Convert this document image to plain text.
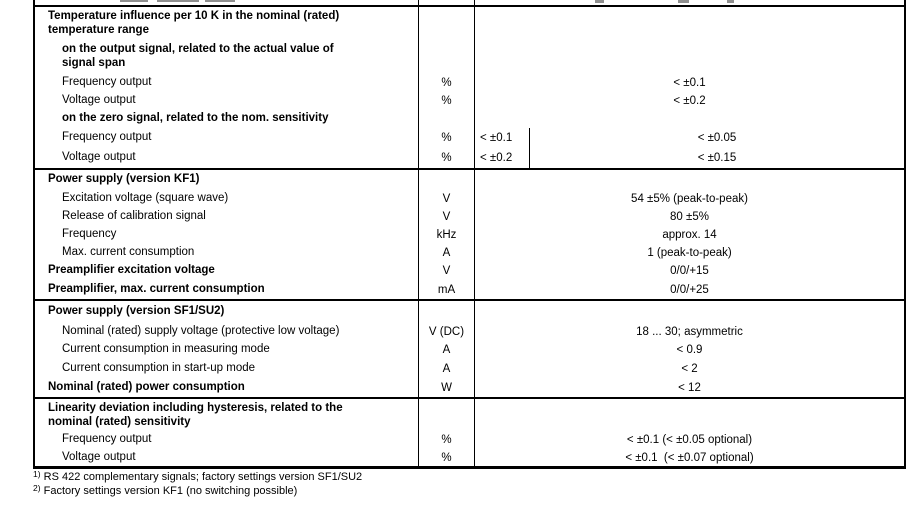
Temperature influence per 10 K in the nominal (rated) temperature range
on the output signal, related to the actual value of signal span
Frequency output	%	< ±0.1
Voltage output	%	< ±0.2
on the zero signal, related to the nom. sensitivity
Frequency output	%	< ±0.1	< ±0.05
Voltage output	%	< ±0.2	< ±0.15
Power supply (version KF1)
Excitation voltage (square wave)	V	54 ±5% (peak-to-peak)
Release of calibration signal	V	80 ±5%
Frequency	kHz	approx. 14
Max. current consumption	A	1 (peak-to-peak)
Preamplifier excitation voltage	V	0/0/+15
Preamplifier, max. current consumption	mA	0/0/+25
Power supply (version SF1/SU2)
Nominal (rated) supply voltage (protective low voltage)	V (DC)	18 ... 30; asymmetric
Current consumption in measuring mode	A	< 0.9
Current consumption in start-up mode	A	< 2
Nominal (rated) power consumption	W	< 12
Linearity deviation including hysteresis, related to the nominal (rated) sensitivity
Frequency output	%	< ±0.1 (< ±0.05 optional)
Voltage output	%	< ±0.1  (< ±0.07 optional)
$^{1)}$ RS 422 complementary signals; factory settings version SF1/SU2
$^{2)}$ Factory settings version KF1 (no switching possible)
